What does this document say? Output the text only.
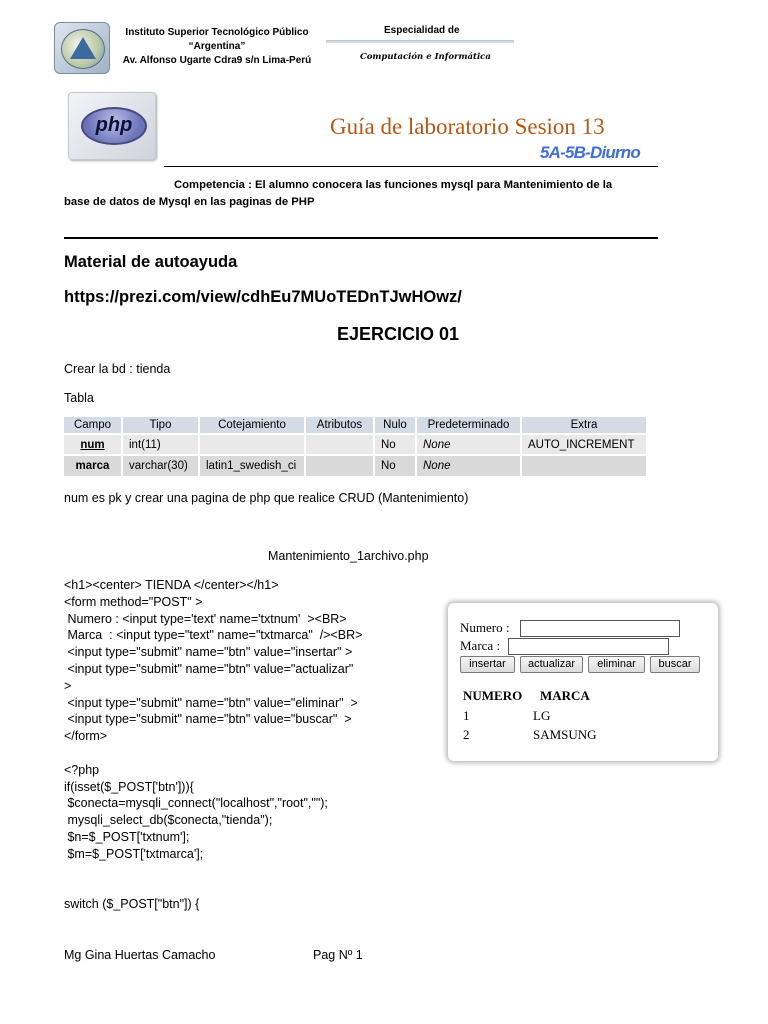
Instituto Superior Tecnológico Público
“Argentina”
Av. Alfonso Ugarte Cdra9 s/n Lima-Perú
Especialidad de
Computación e Informática
php	Guía de laboratorio Sesion 13
5A-5B-Diurno
Competencia : El alumno conocera las funciones mysql para Mantenimiento de la
base de datos de Mysql en las paginas de PHP
Material de autoayuda
https://prezi.com/view/cdhEu7MUoTEDnTJwHOwz/
EJERCICIO 01
Crear la bd : tienda
Tabla
Campo	Tipo	Cotejamiento	Atributos	Nulo	Predeterminado	Extra
num	int(11)			No	None	AUTO_INCREMENT
marca	varchar(30)	latin1_swedish_ci		No	None	
num es pk y crear una pagina de php que realice CRUD (Mantenimiento)
Mantenimiento_1archivo.php
<h1><center> TIENDA </center></h1>
<form method="POST" >
Numero : <input type='text' name='txtnum'  ><BR>
Marca  : <input type="text" name="txtmarca"  /><BR>
<input type="submit" name="btn" value="insertar" >
<input type="submit" name="btn" value="actualizar"
>
<input type="submit" name="btn" value="eliminar"  >
<input type="submit" name="btn" value="buscar"  >
</form>
<?php
if(isset($_POST['btn'])){
$conecta=mysqli_connect("localhost","root","");
mysqli_select_db($conecta,"tienda");
$n=$_POST['txtnum'];
$m=$_POST['txtmarca'];
switch ($_POST["btn"]) {
Numero :
Marca :
insertar	actualizar	eliminar	buscar
NUMERO MARCA
1	LG
2	SAMSUNG
Mg Gina Huertas Camacho	Pag Nº 1
